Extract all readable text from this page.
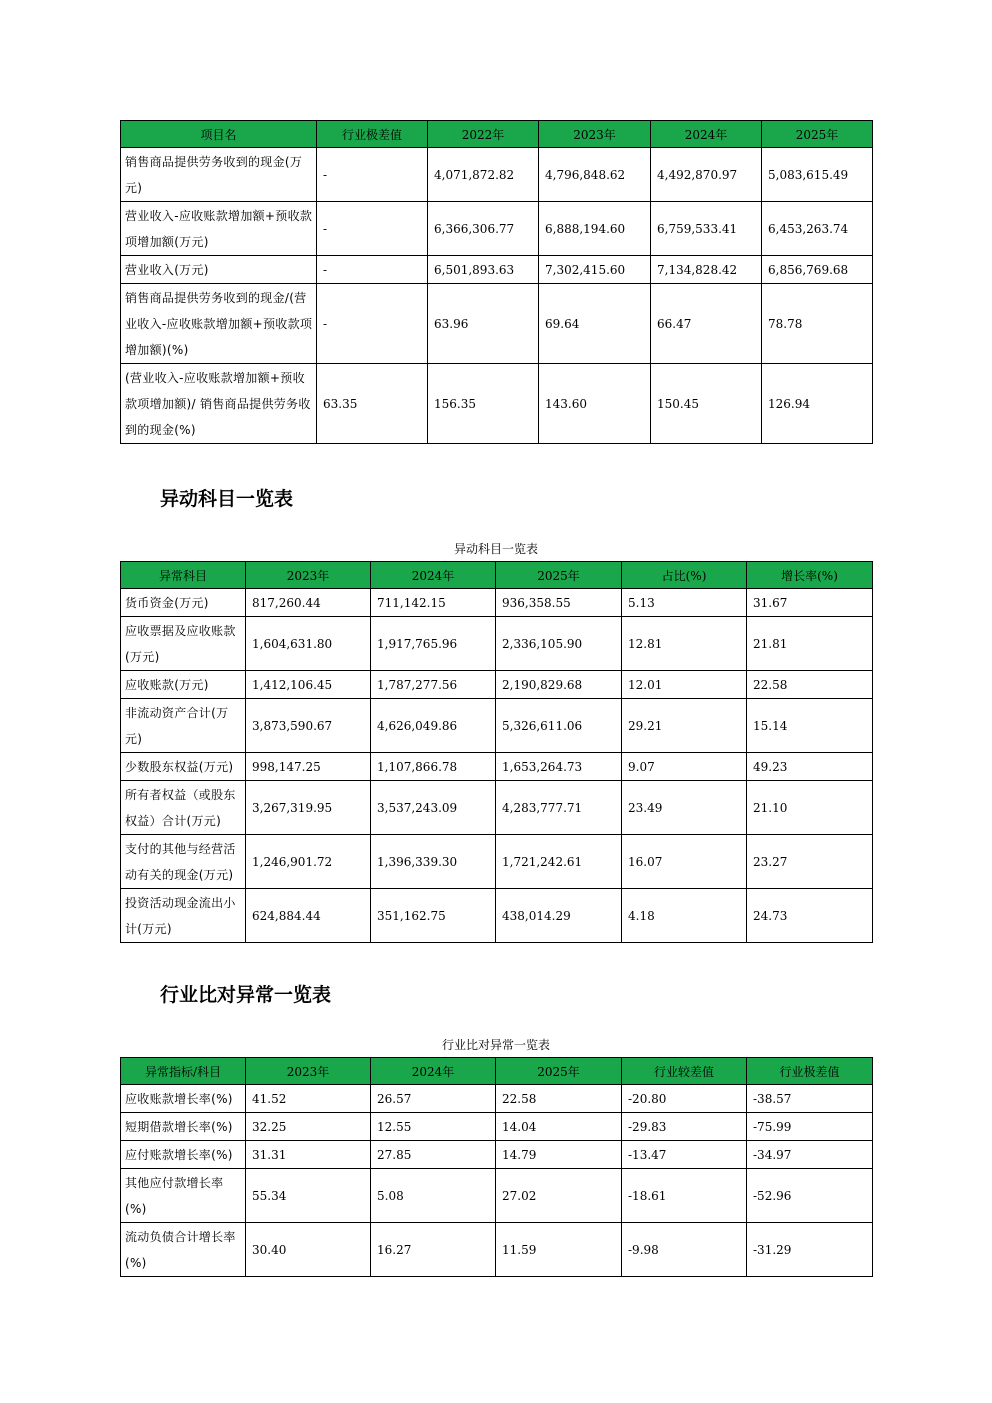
项目名	行业极差值	2022年	2023年	2024年	2025年
销售商品提供劳务收到的现金(万元)	-	4,071,872.82	4,796,848.62	4,492,870.97	5,083,615.49
营业收入-应收账款增加额+预收款项增加额(万元)	-	6,366,306.77	6,888,194.60	6,759,533.41	6,453,263.74
营业收入(万元)	-	6,501,893.63	7,302,415.60	7,134,828.42	6,856,769.68
销售商品提供劳务收到的现金/(营业收入-应收账款增加额+预收款项增加额)(%)	-	63.96	69.64	66.47	78.78
(营业收入-应收账款增加额+预收款项增加额)/ 销售商品提供劳务收到的现金(%)	63.35	156.35	143.60	150.45	126.94
异动科目一览表
异动科目一览表
异常科目	2023年	2024年	2025年	占比(%)	增长率(%)
货币资金(万元)	817,260.44	711,142.15	936,358.55	5.13	31.67
应收票据及应收账款(万元)	1,604,631.80	1,917,765.96	2,336,105.90	12.81	21.81
应收账款(万元)	1,412,106.45	1,787,277.56	2,190,829.68	12.01	22.58
非流动资产合计(万元)	3,873,590.67	4,626,049.86	5,326,611.06	29.21	15.14
少数股东权益(万元)	998,147.25	1,107,866.78	1,653,264.73	9.07	49.23
所有者权益（或股东权益）合计(万元)	3,267,319.95	3,537,243.09	4,283,777.71	23.49	21.10
支付的其他与经营活动有关的现金(万元)	1,246,901.72	1,396,339.30	1,721,242.61	16.07	23.27
投资活动现金流出小计(万元)	624,884.44	351,162.75	438,014.29	4.18	24.73
行业比对异常一览表
行业比对异常一览表
异常指标/科目	2023年	2024年	2025年	行业较差值	行业极差值
应收账款增长率(%)	41.52	26.57	22.58	-20.80	-38.57
短期借款增长率(%)	32.25	12.55	14.04	-29.83	-75.99
应付账款增长率(%)	31.31	27.85	14.79	-13.47	-34.97
其他应付款增长率(%)	55.34	5.08	27.02	-18.61	-52.96
流动负债合计增长率(%)	30.40	16.27	11.59	-9.98	-31.29
